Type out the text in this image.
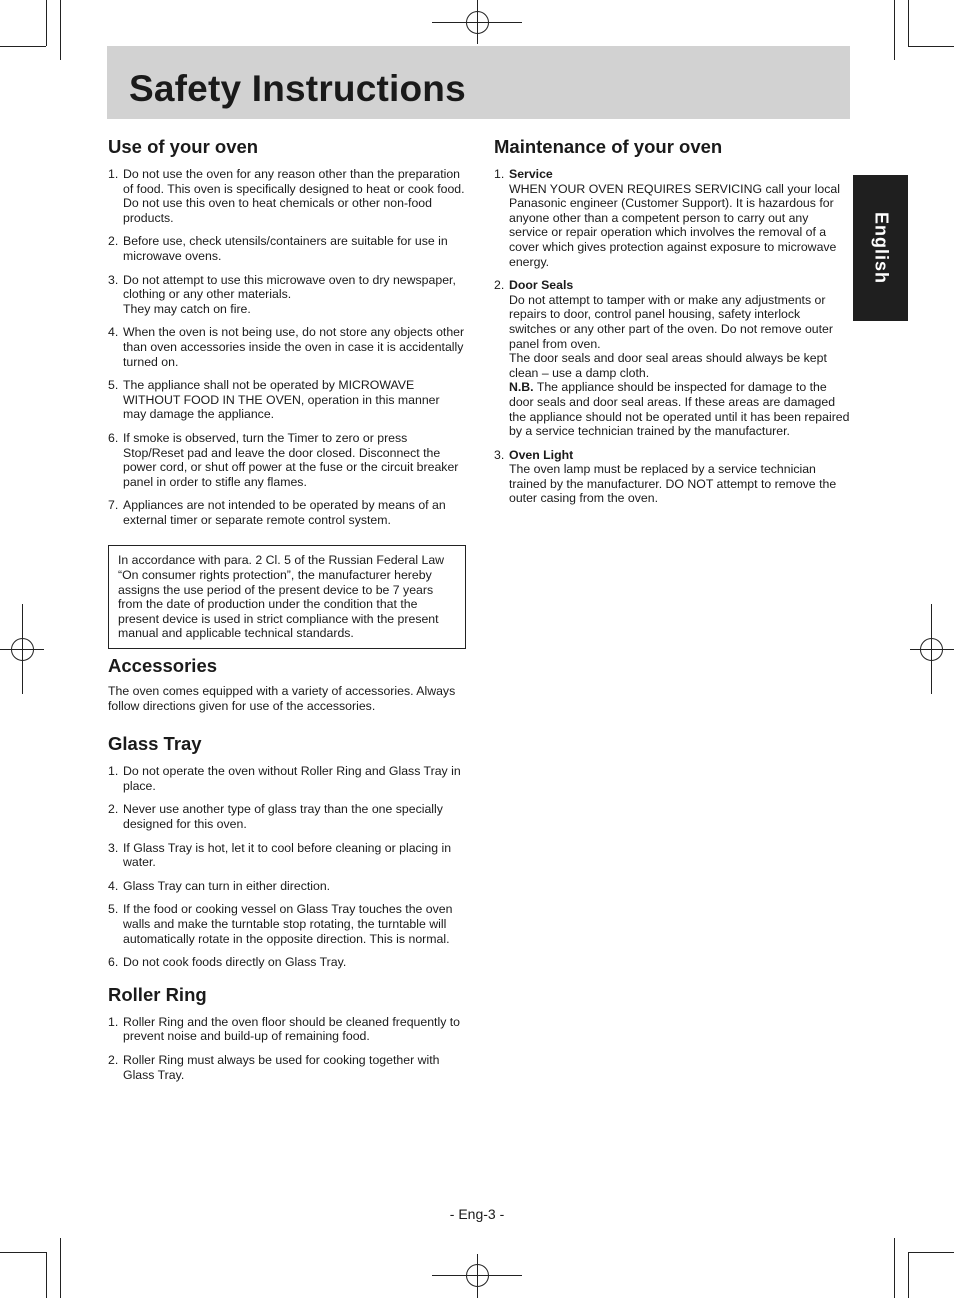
Safety Instructions
English
Use of your oven
1. Do not use the oven for any reason other than the preparation of food. This oven is specifically designed to heat or cook food. Do not use this oven to heat chemicals or other non-food products.
2. Before use, check utensils/containers are suitable for use in microwave ovens.
3. Do not attempt to use this microwave oven to dry newspaper, clothing or any other materials.
They may catch on fire.
4. When the oven is not being use, do not store any objects other than oven accessories inside the oven in case it is accidentally turned on.
5. The appliance shall not be operated by MICROWAVE WITHOUT FOOD IN THE OVEN, operation in this manner may damage the appliance.
6. If smoke is observed, turn the Timer to zero or press Stop/Reset pad and leave the door closed. Disconnect the power cord, or shut off power at the fuse or the circuit breaker panel in order to stifle any flames.
7. Appliances are not intended to be operated by means of an external timer or separate remote control system.

In accordance with para. 2 Cl. 5 of the Russian Federal Law “On consumer rights protection”, the manufacturer hereby assigns the use period of the present device to be 7 years from the date of production under the condition that the present device is used in strict compliance with the present manual and applicable technical standards.

Accessories

The oven comes equipped with a variety of accessories. Always follow directions given for use of the accessories.

Glass Tray
1. Do not operate the oven without Roller Ring and Glass Tray in place.
2. Never use another type of glass tray than the one specially designed for this oven.
3. If Glass Tray is hot, let it to cool before cleaning or placing in water.
4. Glass Tray can turn in either direction.
5. If the food or cooking vessel on Glass Tray touches the oven walls and make the turntable stop rotating, the turntable will automatically rotate in the opposite direction. This is normal.
6. Do not cook foods directly on Glass Tray.
Roller Ring
1. Roller Ring and the oven floor should be cleaned frequently to prevent noise and build-up of remaining food.
2. Roller Ring must always be used for cooking together with Glass Tray.
Maintenance of your oven
1. Service
WHEN YOUR OVEN REQUIRES SERVICING call your local Panasonic engineer (Customer Support). It is hazardous for anyone other than a competent person to carry out any service or repair operation which involves the removal of a cover which gives protection against exposure to microwave energy.
2. Door Seals
Do not attempt to tamper with or make any adjustments or repairs to door, control panel housing, safety interlock switches or any other part of the oven. Do not remove outer panel from oven.
The door seals and door seal areas should always be kept clean – use a damp cloth.
N.B. The appliance should be inspected for damage to the door seals and door seal areas. If these areas are damaged the appliance should not be operated until it has been repaired by a service technician trained by the manufacturer.
3. Oven Light
The oven lamp must be replaced by a service technician trained by the manufacturer. DO NOT attempt to remove the outer casing from the oven.
- Eng-3 -
